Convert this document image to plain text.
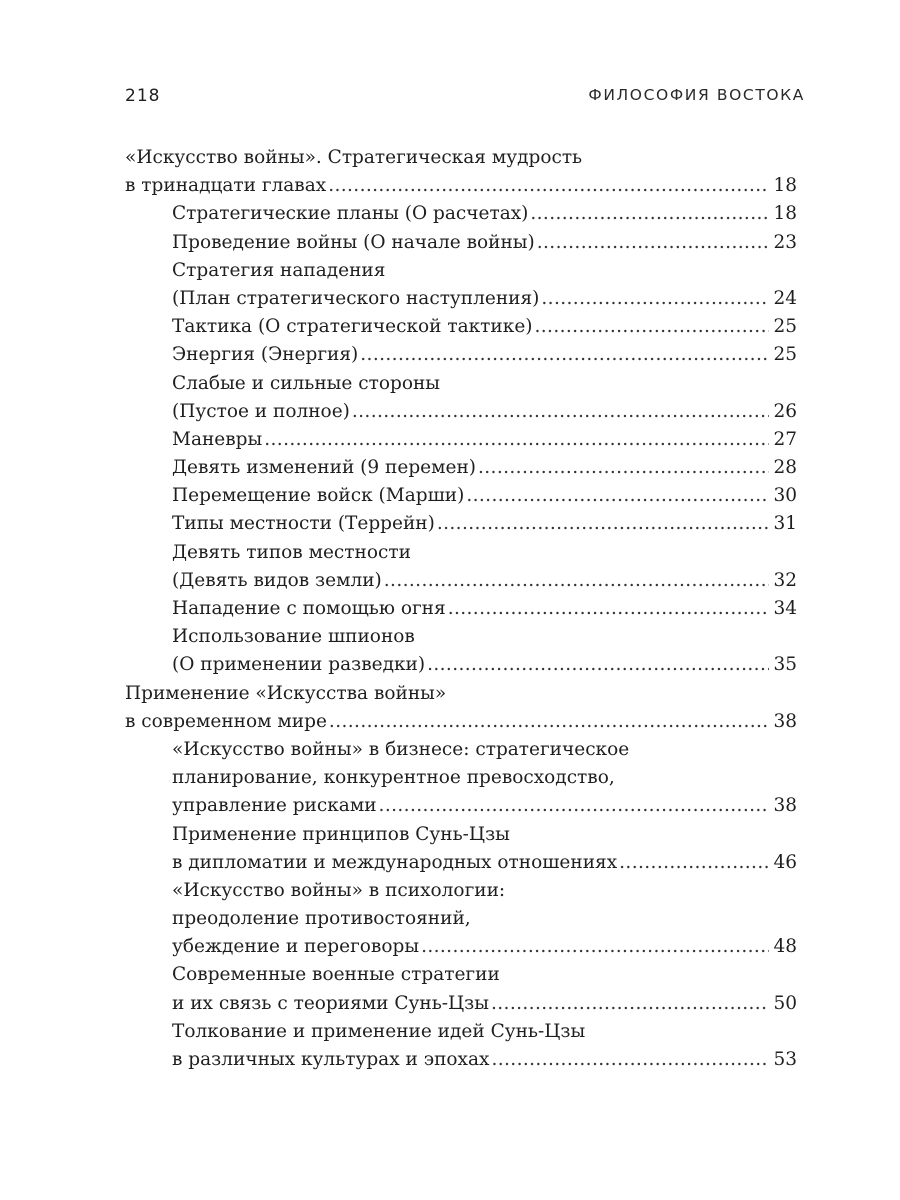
218	ФИЛОСОФИЯ ВОСТОКА
«Искусство войны». Стратегическая мудрость
в тринадцати главах .....	18
Стратегические планы (О расчетах) .....	18
Проведение войны (О начале войны) .....	23
Стратегия нападения
(План стратегического наступления) .....	24
Тактика (О стратегической тактике) .....	25
Энергия (Энергия) .....	25
Слабые и сильные стороны
(Пустое и полное) .....	26
Маневры .....	27
Девять изменений (9 перемен) .....	28
Перемещение войск (Марши) .....	30
Типы местности (Террейн) .....	31
Девять типов местности
(Девять видов земли) .....	32
Нападение с помощью огня .....	34
Использование шпионов
(О применении разведки) .....	35
Применение «Искусства войны»
в современном мире .....	38
«Искусство войны» в бизнесе: стратегическое
планирование, конкурентное превосходство,
управление рисками .....	38
Применение принципов Сунь-Цзы
в дипломатии и международных отношениях .....	46
«Искусство войны» в психологии:
преодоление противостояний,
убеждение и переговоры .....	48
Современные военные стратегии
и их связь с теориями Сунь-Цзы .....	50
Толкование и применение идей Сунь-Цзы
в различных культурах и эпохах .....	53
